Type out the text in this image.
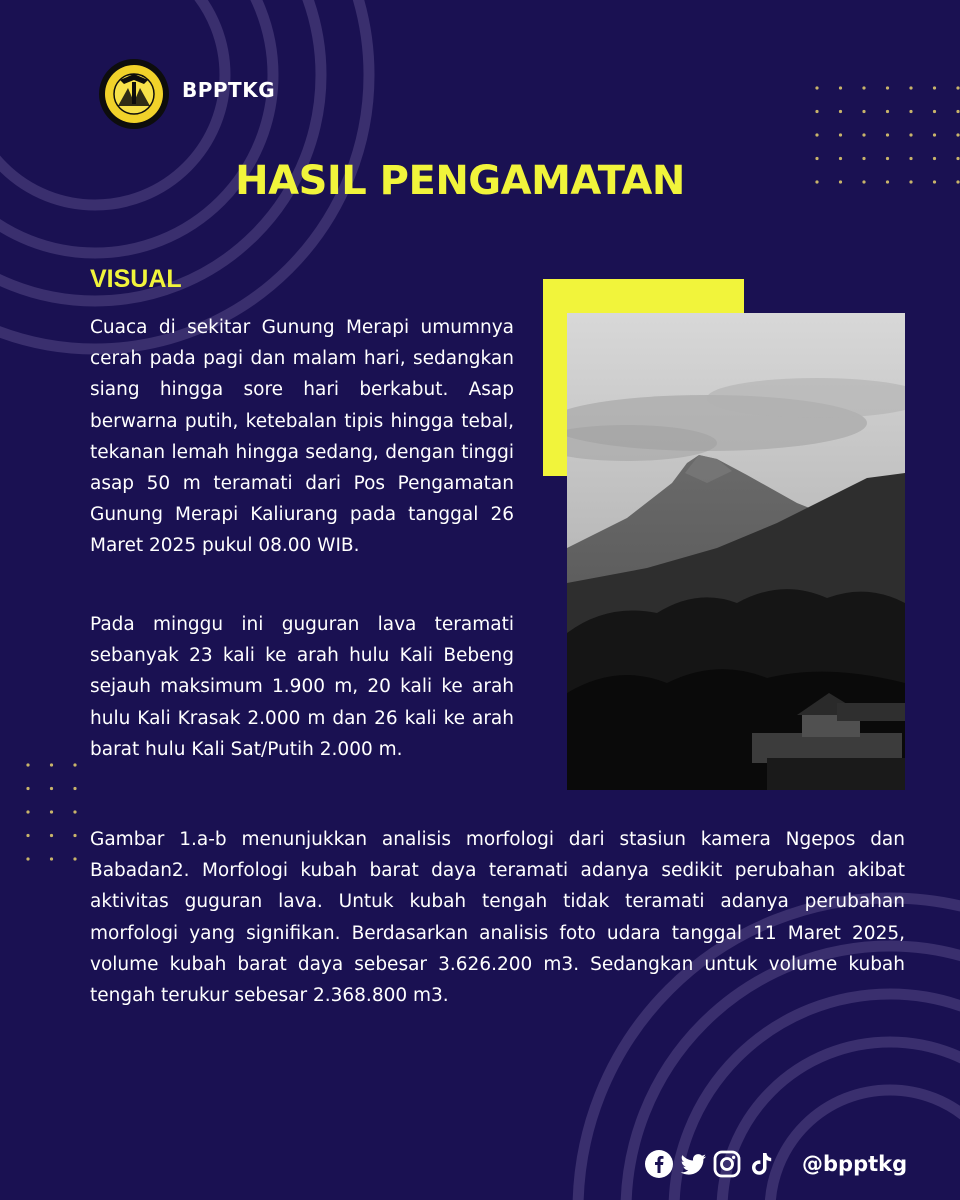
BPPTKG
HASIL PENGAMATAN
VISUAL

Cuaca di sekitar Gunung Merapi umumnya cerah pada pagi dan malam hari, sedangkan siang hingga sore hari berkabut. Asap berwarna putih, ketebalan tipis hingga tebal, tekanan lemah hingga sedang, dengan tinggi asap 50 m teramati dari Pos Pengamatan Gunung Merapi Kaliurang pada tanggal 26 Maret 2025 pukul 08.00 WIB.

Pada minggu ini guguran lava teramati sebanyak 23 kali ke arah hulu Kali Bebeng sejauh maksimum 1.900 m, 20 kali ke arah hulu Kali Krasak 2.000 m dan 26 kali ke arah barat hulu Kali Sat/Putih 2.000 m.

Gambar 1.a-b menunjukkan analisis morfologi dari stasiun kamera Ngepos dan Babadan2. Morfologi kubah barat daya teramati adanya sedikit perubahan akibat aktivitas guguran lava. Untuk kubah tengah tidak teramati adanya perubahan morfologi yang signifikan. Berdasarkan analisis foto udara tanggal 11 Maret 2025, volume kubah barat daya sebesar 3.626.200 m3. Sedangkan untuk volume kubah tengah terukur sebesar 2.368.800 m3.

@bpptkg
